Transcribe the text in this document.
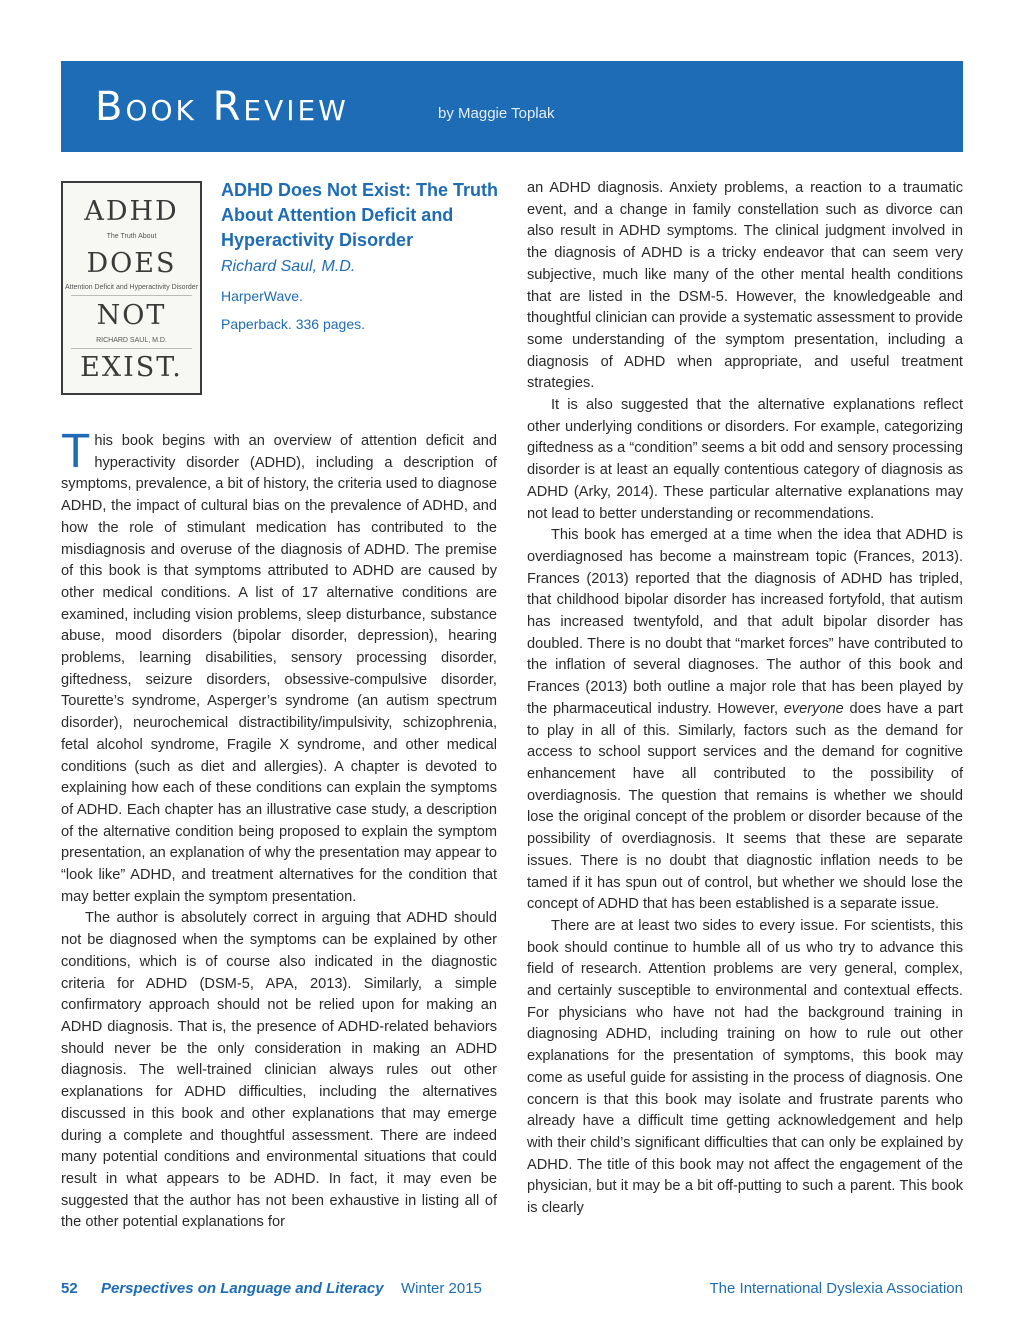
Book Review	by Maggie Toplak
ADHD
The Truth About
DOES
Attention Deficit and Hyperactivity Disorder
NOT
RICHARD SAUL, M.D.
EXIST.
ADHD Does Not Exist: The Truth About Attention Deficit and Hyperactivity Disorder
Richard Saul, M.D.
HarperWave.
Paperback. 336 pages.

This book begins with an overview of attention deficit and hyperactivity disorder (ADHD), including a description of symptoms, prevalence, a bit of history, the criteria used to diagnose ADHD, the impact of cultural bias on the prevalence of ADHD, and how the role of stimulant medication has contributed to the misdiagnosis and overuse of the diagnosis of ADHD. The premise of this book is that symptoms attributed to ADHD are caused by other medical conditions. A list of 17 alternative conditions are examined, including vision problems, sleep disturbance, substance abuse, mood disorders (bipolar disorder, depression), hearing problems, learning disabilities, sensory processing disorder, giftedness, seizure disorders, obsessive-compulsive disorder, Tourette’s syndrome, Asperger’s syndrome (an autism spectrum disorder), neurochemical distractibility/impulsivity, schizophrenia, fetal alcohol syndrome, Fragile X syndrome, and other medical conditions (such as diet and allergies). A chapter is devoted to explaining how each of these conditions can explain the symptoms of ADHD. Each chapter has an illustrative case study, a description of the alternative condition being proposed to explain the symptom presentation, an explanation of why the presentation may appear to “look like” ADHD, and treatment alternatives for the condition that may better explain the symptom presentation.

The author is absolutely correct in arguing that ADHD should not be diagnosed when the symptoms can be explained by other conditions, which is of course also indicated in the diagnostic criteria for ADHD (DSM-5, APA, 2013). Similarly, a simple confirmatory approach should not be relied upon for making an ADHD diagnosis. That is, the presence of ADHD-related behaviors should never be the only consideration in making an ADHD diagnosis. The well-trained clinician always rules out other explanations for ADHD difficulties, including the alternatives discussed in this book and other explanations that may emerge during a complete and thoughtful assessment. There are indeed many potential conditions and environmental situations that could result in what appears to be ADHD. In fact, it may even be suggested that the author has not been exhaustive in listing all of the other potential explanations for

an ADHD diagnosis. Anxiety problems, a reaction to a traumatic event, and a change in family constellation such as divorce can also result in ADHD symptoms. The clinical judgment involved in the diagnosis of ADHD is a tricky endeavor that can seem very subjective, much like many of the other mental health conditions that are listed in the DSM-5. However, the knowledgeable and thoughtful clinician can provide a systematic assessment to provide some understanding of the symptom presentation, including a diagnosis of ADHD when appropriate, and useful treatment strategies.

It is also suggested that the alternative explanations reflect other underlying conditions or disorders. For example, categorizing giftedness as a “condition” seems a bit odd and sensory processing disorder is at least an equally contentious category of diagnosis as ADHD (Arky, 2014). These particular alternative explanations may not lead to better understanding or recommendations.

This book has emerged at a time when the idea that ADHD is overdiagnosed has become a mainstream topic (Frances, 2013). Frances (2013) reported that the diagnosis of ADHD has tripled, that childhood bipolar disorder has increased fortyfold, that autism has increased twentyfold, and that adult bipolar disorder has doubled. There is no doubt that “market forces” have contributed to the inflation of several diagnoses. The author of this book and Frances (2013) both outline a major role that has been played by the pharmaceutical industry. However, everyone does have a part to play in all of this. Similarly, factors such as the demand for access to school support services and the demand for cognitive enhancement have all contributed to the possibility of overdiagnosis. The question that remains is whether we should lose the original concept of the problem or disorder because of the possibility of overdiagnosis. It seems that these are separate issues. There is no doubt that diagnostic inflation needs to be tamed if it has spun out of control, but whether we should lose the concept of ADHD that has been established is a separate issue.

There are at least two sides to every issue. For scientists, this book should continue to humble all of us who try to advance this field of research. Attention problems are very general, complex, and certainly susceptible to environmental and contextual effects. For physicians who have not had the background training in diagnosing ADHD, including training on how to rule out other explanations for the presentation of symptoms, this book may come as useful guide for assisting in the process of diagnosis. One concern is that this book may isolate and frustrate parents who already have a difficult time getting acknowledgement and help with their child’s significant difficulties that can only be explained by ADHD. The title of this book may not affect the engagement of the physician, but it may be a bit off-putting to such a parent. This book is clearly

52 Perspectives on Language and Literacy Winter 2015	The International Dyslexia Association
